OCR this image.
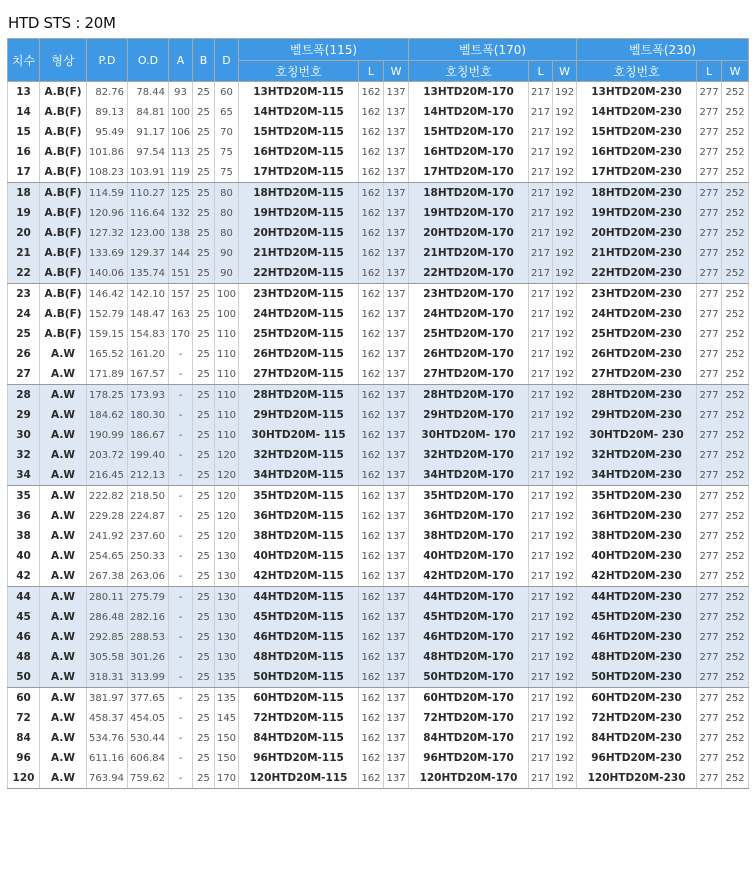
HTD STS : 20M
치수	형상	P.D	O.D	A	B	D	벨트폭(115)			벨트폭(170)			벨트폭(230)		
							호칭번호	L	W	호칭번호	L	W	호칭번호	L	W
13	A.B(F)	82.76	78.44	93	25	60	13HTD20M-115	162	137	13HTD20M-170	217	192	13HTD20M-230	277	252
14	A.B(F)	89.13	84.81	100	25	65	14HTD20M-115	162	137	14HTD20M-170	217	192	14HTD20M-230	277	252
15	A.B(F)	95.49	91.17	106	25	70	15HTD20M-115	162	137	15HTD20M-170	217	192	15HTD20M-230	277	252
16	A.B(F)	101.86	97.54	113	25	75	16HTD20M-115	162	137	16HTD20M-170	217	192	16HTD20M-230	277	252
17	A.B(F)	108.23	103.91	119	25	75	17HTD20M-115	162	137	17HTD20M-170	217	192	17HTD20M-230	277	252
18	A.B(F)	114.59	110.27	125	25	80	18HTD20M-115	162	137	18HTD20M-170	217	192	18HTD20M-230	277	252
19	A.B(F)	120.96	116.64	132	25	80	19HTD20M-115	162	137	19HTD20M-170	217	192	19HTD20M-230	277	252
20	A.B(F)	127.32	123.00	138	25	80	20HTD20M-115	162	137	20HTD20M-170	217	192	20HTD20M-230	277	252
21	A.B(F)	133.69	129.37	144	25	90	21HTD20M-115	162	137	21HTD20M-170	217	192	21HTD20M-230	277	252
22	A.B(F)	140.06	135.74	151	25	90	22HTD20M-115	162	137	22HTD20M-170	217	192	22HTD20M-230	277	252
23	A.B(F)	146.42	142.10	157	25	100	23HTD20M-115	162	137	23HTD20M-170	217	192	23HTD20M-230	277	252
24	A.B(F)	152.79	148.47	163	25	100	24HTD20M-115	162	137	24HTD20M-170	217	192	24HTD20M-230	277	252
25	A.B(F)	159.15	154.83	170	25	110	25HTD20M-115	162	137	25HTD20M-170	217	192	25HTD20M-230	277	252
26	A.W	165.52	161.20	-	25	110	26HTD20M-115	162	137	26HTD20M-170	217	192	26HTD20M-230	277	252
27	A.W	171.89	167.57	-	25	110	27HTD20M-115	162	137	27HTD20M-170	217	192	27HTD20M-230	277	252
28	A.W	178.25	173.93	-	25	110	28HTD20M-115	162	137	28HTD20M-170	217	192	28HTD20M-230	277	252
29	A.W	184.62	180.30	-	25	110	29HTD20M-115	162	137	29HTD20M-170	217	192	29HTD20M-230	277	252
30	A.W	190.99	186.67	-	25	110	30HTD20M- 115	162	137	30HTD20M- 170	217	192	30HTD20M- 230	277	252
32	A.W	203.72	199.40	-	25	120	32HTD20M-115	162	137	32HTD20M-170	217	192	32HTD20M-230	277	252
34	A.W	216.45	212.13	-	25	120	34HTD20M-115	162	137	34HTD20M-170	217	192	34HTD20M-230	277	252
35	A.W	222.82	218.50	-	25	120	35HTD20M-115	162	137	35HTD20M-170	217	192	35HTD20M-230	277	252
36	A.W	229.28	224.87	-	25	120	36HTD20M-115	162	137	36HTD20M-170	217	192	36HTD20M-230	277	252
38	A.W	241.92	237.60	-	25	120	38HTD20M-115	162	137	38HTD20M-170	217	192	38HTD20M-230	277	252
40	A.W	254.65	250.33	-	25	130	40HTD20M-115	162	137	40HTD20M-170	217	192	40HTD20M-230	277	252
42	A.W	267.38	263.06	-	25	130	42HTD20M-115	162	137	42HTD20M-170	217	192	42HTD20M-230	277	252
44	A.W	280.11	275.79	-	25	130	44HTD20M-115	162	137	44HTD20M-170	217	192	44HTD20M-230	277	252
45	A.W	286.48	282.16	-	25	130	45HTD20M-115	162	137	45HTD20M-170	217	192	45HTD20M-230	277	252
46	A.W	292.85	288.53	-	25	130	46HTD20M-115	162	137	46HTD20M-170	217	192	46HTD20M-230	277	252
48	A.W	305.58	301.26	-	25	130	48HTD20M-115	162	137	48HTD20M-170	217	192	48HTD20M-230	277	252
50	A.W	318.31	313.99	-	25	135	50HTD20M-115	162	137	50HTD20M-170	217	192	50HTD20M-230	277	252
60	A.W	381.97	377.65	-	25	135	60HTD20M-115	162	137	60HTD20M-170	217	192	60HTD20M-230	277	252
72	A.W	458.37	454.05	-	25	145	72HTD20M-115	162	137	72HTD20M-170	217	192	72HTD20M-230	277	252
84	A.W	534.76	530.44	-	25	150	84HTD20M-115	162	137	84HTD20M-170	217	192	84HTD20M-230	277	252
96	A.W	611.16	606.84	-	25	150	96HTD20M-115	162	137	96HTD20M-170	217	192	96HTD20M-230	277	252
120	A.W	763.94	759.62	-	25	170	120HTD20M-115	162	137	120HTD20M-170	217	192	120HTD20M-230	277	252
